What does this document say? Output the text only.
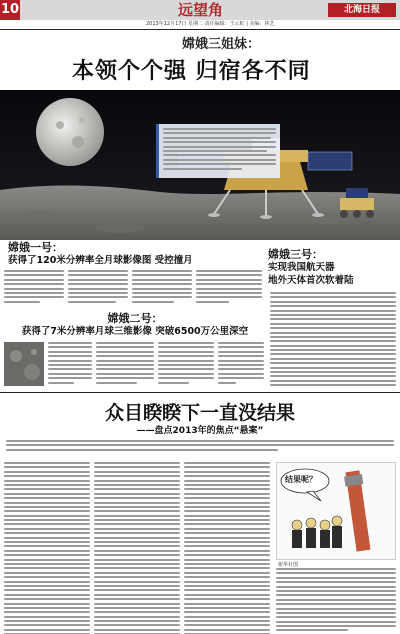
10	远望角	北海日报
2013年12月17日 星期二 责任编辑：王云虹 | 美编：林艺
嫦娥三姐妹：
本领个个强 归宿各不同
嫦娥一号：
获得了120米分辨率全月球影像图 受控撞月	嫦娥三号：
实现我国航天器
地外天体首次软着陆
嫦娥二号：
获得了7米分辨率月球三维影像 突破6500万公里深空
众目睽睽下一直没结果
——盘点2013年的焦点“悬案”
结果呢？
新华社图
